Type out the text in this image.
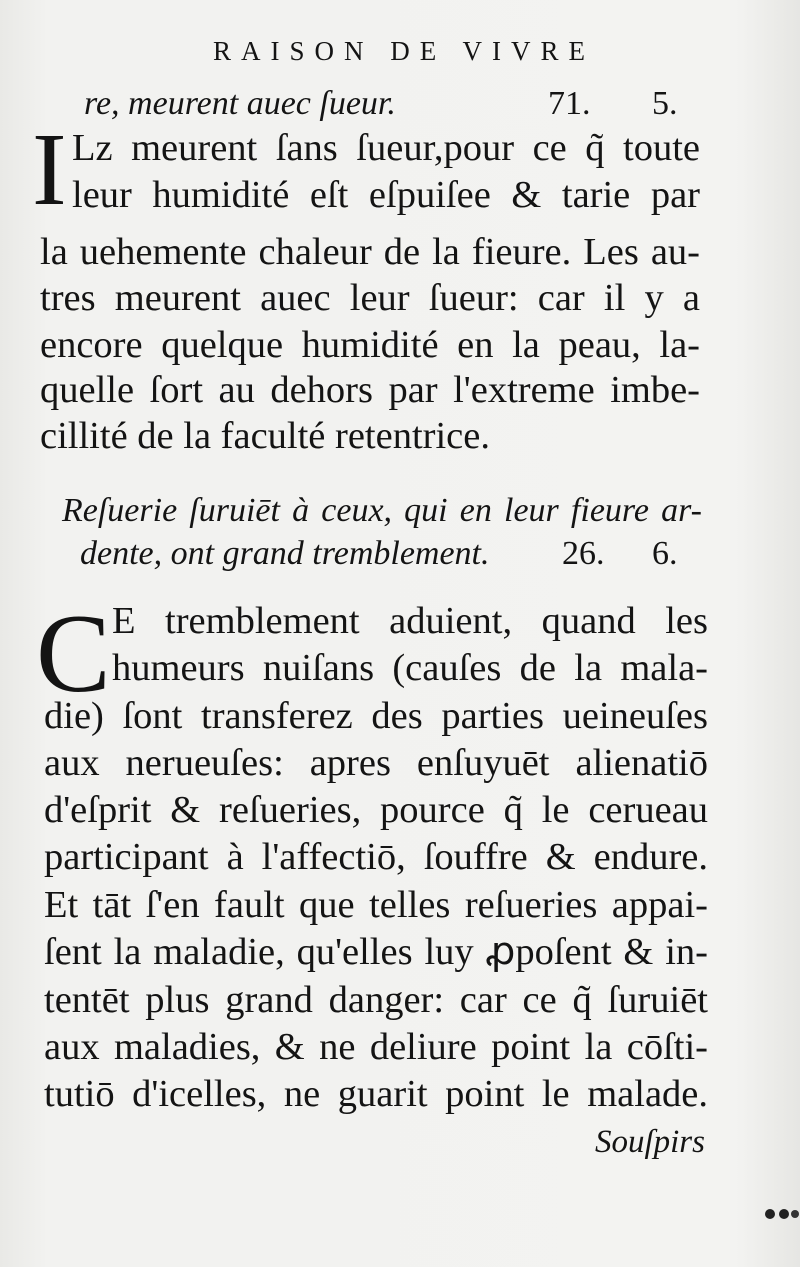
RAISON DE VIVRE
re, meurent auec ſueur.	71. 5.
I Lz meurent ſans ſueur,pour ce q̃ toute
leur humidité eſt eſpuiſee & tarie par
la uehemente chaleur de la fieure. Les au-
tres meurent auec leur ſueur: car il y a
encore quelque humidité en la peau, la-
quelle ſort au dehors par l'extreme imbe-
cillité de la faculté retentrice.
Reſuerie ſuruiēt à ceux, qui en leur fieure ar-
dente, ont grand tremblement. 26. 6.
C E tremblement aduient, quand les
humeurs nuiſans (cauſes de la mala-
die) ſont transferez des parties ueineuſes
aux nerueuſes: apres enſuyuēt alienatiō
d'eſprit & reſueries, pource q̃ le cerueau
participant à l'affectiō, ſouffre & endure.
Et tāt ſ'en fault que telles reſueries appai-
ſent la maladie, qu'elles luy ꝓpoſent & in-
tentēt plus grand danger: car ce q̃ ſuruiēt
aux maladies, & ne deliure point la cōſti-
tutiō d'icelles, ne guarit point le malade.
Souſpirs
